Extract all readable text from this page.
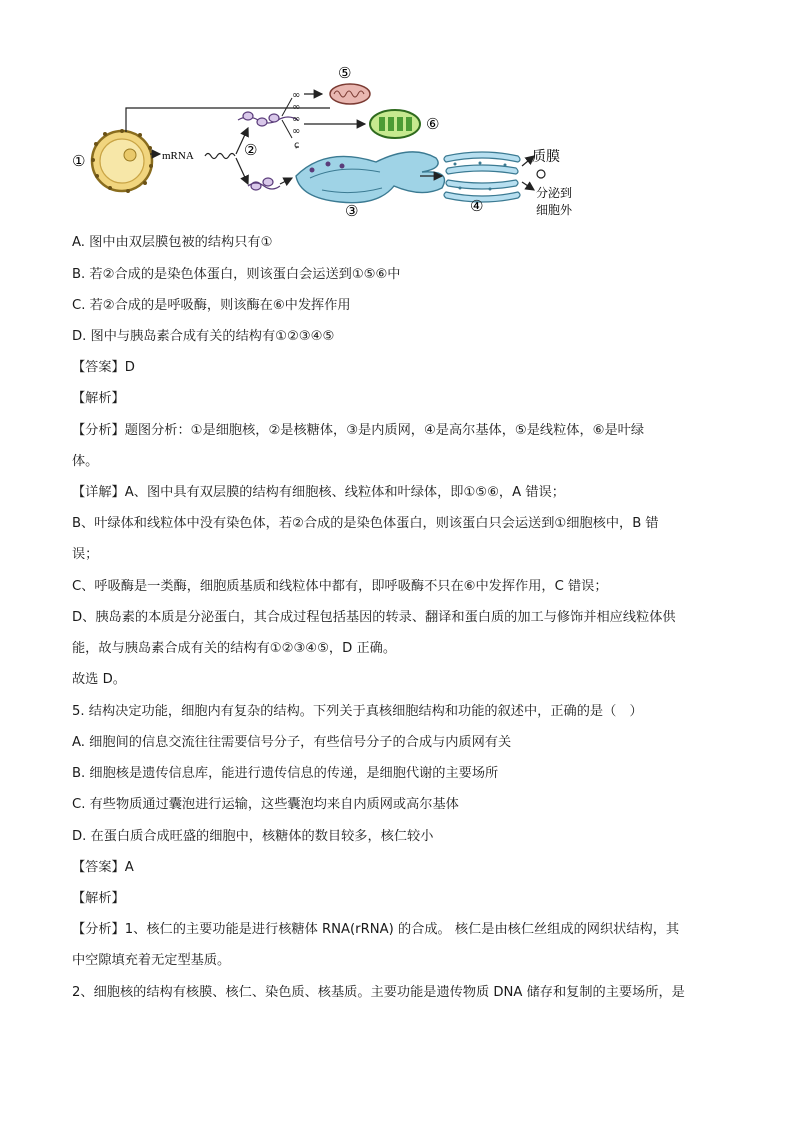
①	mRNA	②
∞
∞
∞
∞
ɕ
⑤
⑥
③	④
质膜
分泌到
细胞外
A. 图中由双层膜包被的结构只有①
B. 若②合成的是染色体蛋白，则该蛋白会运送到①⑤⑥中
C. 若②合成的是呼吸酶，则该酶在⑥中发挥作用
D. 图中与胰岛素合成有关的结构有①②③④⑤
【答案】D
【解析】
【分析】题图分析：①是细胞核，②是核糖体，③是内质网，④是高尔基体，⑤是线粒体，⑥是叶绿
体。
【详解】A、图中具有双层膜的结构有细胞核、线粒体和叶绿体，即①⑤⑥，A 错误；
B、叶绿体和线粒体中没有染色体，若②合成的是染色体蛋白，则该蛋白只会运送到①细胞核中，B 错
误；
C、呼吸酶是一类酶，细胞质基质和线粒体中都有，即呼吸酶不只在⑥中发挥作用，C 错误；
D、胰岛素的本质是分泌蛋白，其合成过程包括基因的转录、翻译和蛋白质的加工与修饰并相应线粒体供
能，故与胰岛素合成有关的结构有①②③④⑤，D 正确。
故选 D。
5. 结构决定功能，细胞内有复杂的结构。下列关于真核细胞结构和功能的叙述中，正确的是（　）
A. 细胞间的信息交流往往需要信号分子，有些信号分子的合成与内质网有关
B. 细胞核是遗传信息库，能进行遗传信息的传递，是细胞代谢的主要场所
C. 有些物质通过囊泡进行运输，这些囊泡均来自内质网或高尔基体
D. 在蛋白质合成旺盛的细胞中，核糖体的数目较多，核仁较小
【答案】A
【解析】
【分析】1、核仁的主要功能是进行核糖体 RNA(rRNA) 的合成。 核仁是由核仁丝组成的网织状结构，其
中空隙填充着无定型基质。
2、细胞核的结构有核膜、核仁、染色质、核基质。主要功能是遗传物质 DNA 储存和复制的主要场所，是
